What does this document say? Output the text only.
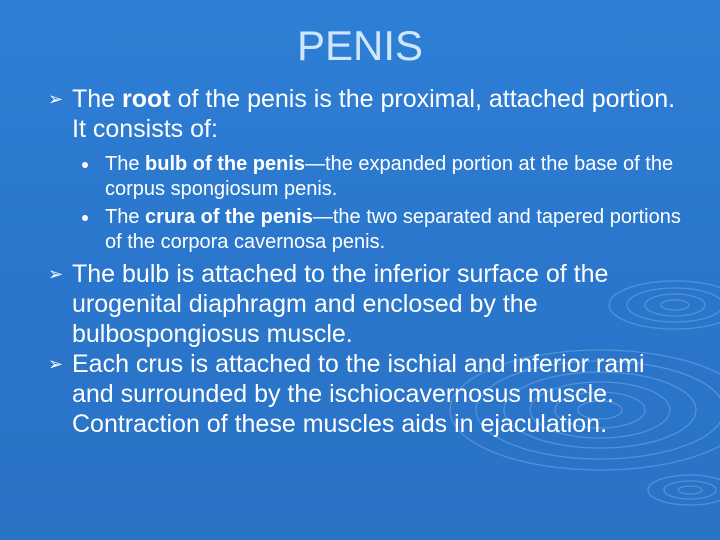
PENIS

➢ The root of the penis is the proximal, attached portion. It consists of:

The bulb of the penis—the expanded portion at the base of the corpus spongiosum penis.

The crura of the penis—the two separated and tapered portions of the corpora cavernosa penis.

➢ The bulb is attached to the inferior surface of the urogenital diaphragm and enclosed by the bulbospongiosus muscle.

➢ Each crus is attached to the ischial and inferior rami and surrounded by the ischiocavernosus muscle. Contraction of these muscles aids in ejaculation.
